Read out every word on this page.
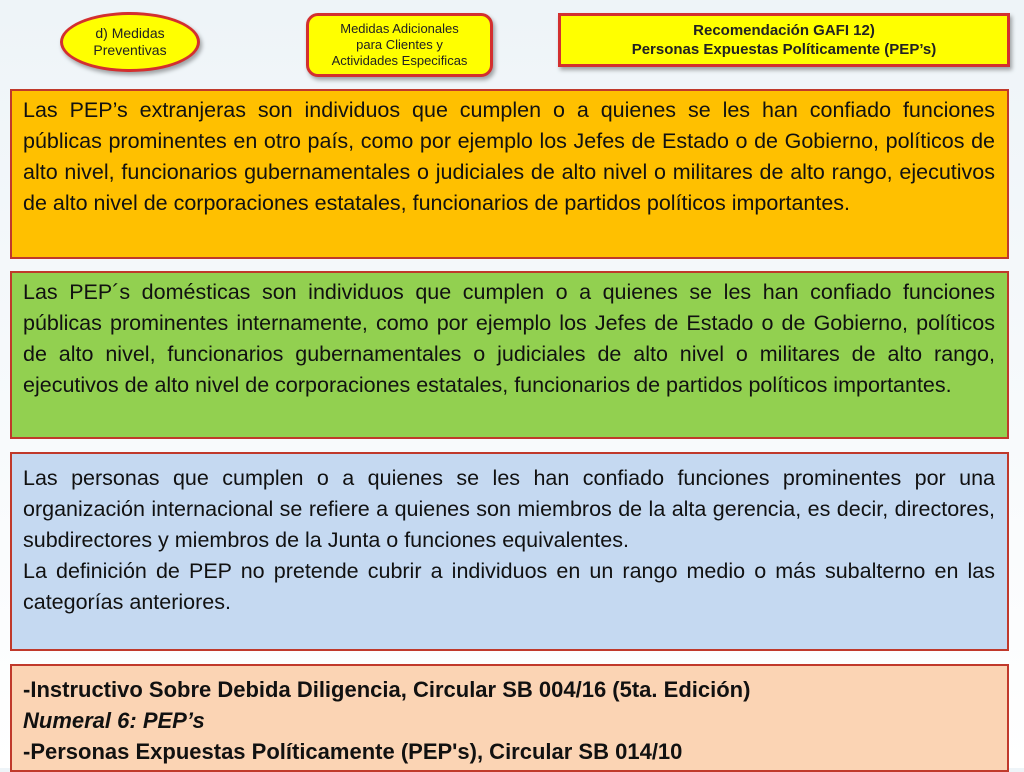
d) Medidas
Preventivas
Medidas Adicionales
para Clientes y
Actividades Especificas
Recomendación GAFI 12)
Personas Expuestas Políticamente (PEP’s)

Las PEP’s extranjeras son individuos que cumplen o a quienes se les han confiado funciones públicas prominentes en otro país, como por ejemplo los Jefes de Estado o de Gobierno, políticos de alto nivel, funcionarios gubernamentales o judiciales de alto nivel o militares de alto rango, ejecutivos de alto nivel de corporaciones estatales, funcionarios de partidos políticos importantes.

Las PEP´s domésticas son individuos que cumplen o a quienes se les han confiado funciones públicas prominentes internamente, como por ejemplo los Jefes de Estado o de Gobierno, políticos de alto nivel, funcionarios gubernamentales o judiciales de alto nivel o militares de alto rango, ejecutivos de alto nivel de corporaciones estatales, funcionarios de partidos políticos importantes.

Las personas que cumplen o a quienes se les han confiado funciones prominentes por una organización internacional se refiere a quienes son miembros de la alta gerencia, es decir, directores, subdirectores y miembros de la Junta o funciones equivalentes.

La definición de PEP no pretende cubrir a individuos en un rango medio o más subalterno en las categorías anteriores.

-Instructivo Sobre Debida Diligencia, Circular SB 004/16 (5ta. Edición)

Numeral 6: PEP’s

-Personas Expuestas Políticamente (PEP's), Circular SB 014/10
